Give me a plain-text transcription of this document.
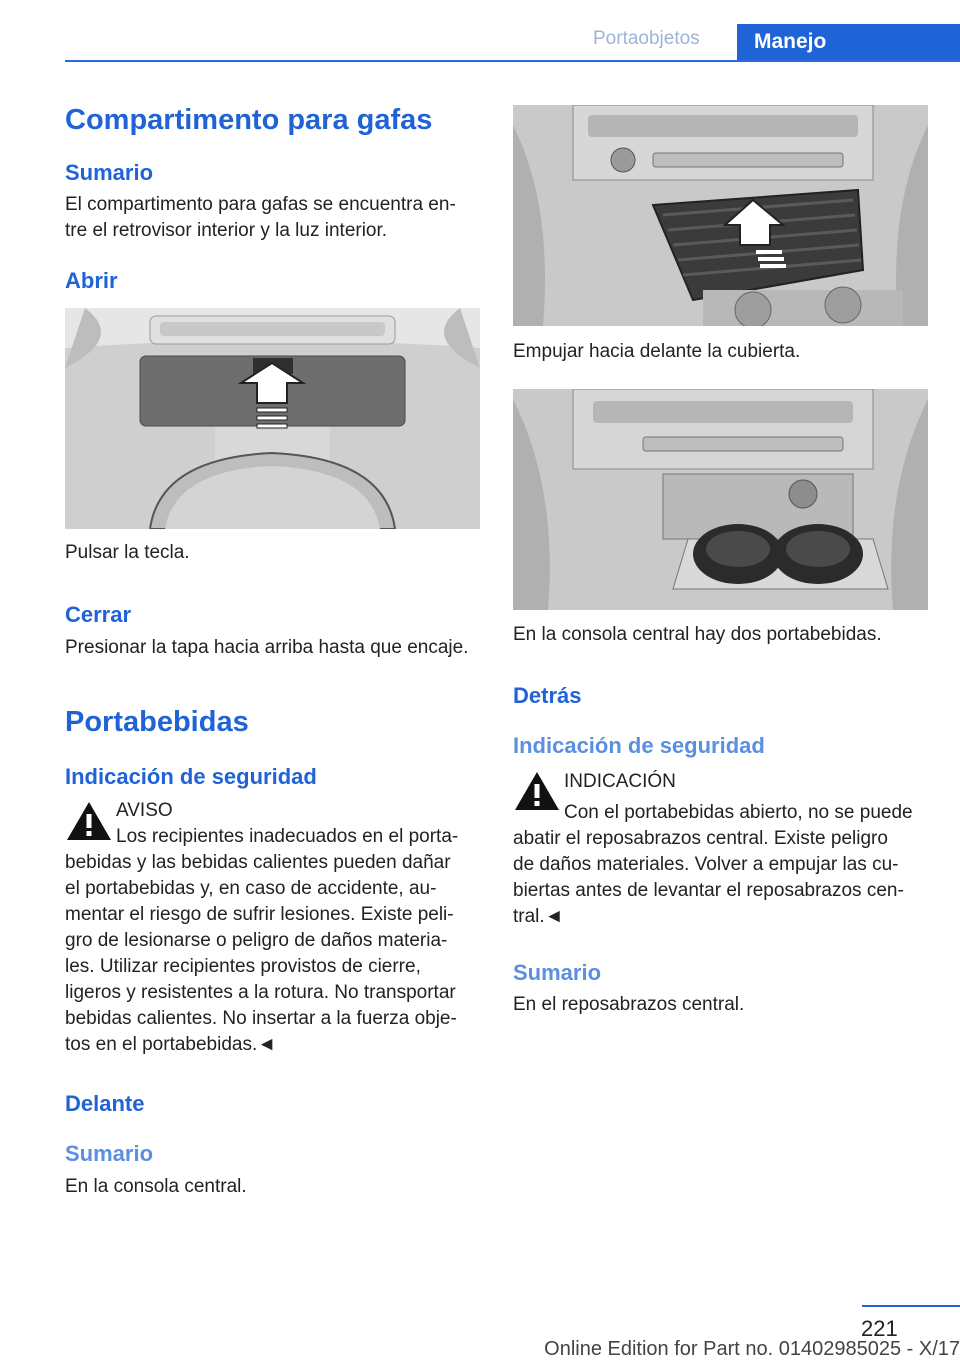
Portaobjetos	Manejo
Compartimento para gafas
Sumario
El compartimento para gafas se encuentra en‐
tre el retrovisor interior y la luz interior.
Abrir
Pulsar la tecla.
Cerrar
Presionar la tapa hacia arriba hasta que encaje.
Portabebidas
Indicación de seguridad
AVISO
Los recipientes inadecuados en el porta‐
bebidas y las bebidas calientes pueden dañar
el portabebidas y, en caso de accidente, au‐
mentar el riesgo de sufrir lesiones. Existe peli‐
gro de lesionarse o peligro de daños materia‐
les. Utilizar recipientes provistos de cierre,
ligeros y resistentes a la rotura. No transportar
bebidas calientes. No insertar a la fuerza obje‐
tos en el portabebidas.◄
Delante
Sumario
En la consola central.
Empujar hacia delante la cubierta.
En la consola central hay dos portabebidas.
Detrás
Indicación de seguridad
INDICACIÓN
Con el portabebidas abierto, no se puede
abatir el reposabrazos central. Existe peligro
de daños materiales. Volver a empujar las cu‐
biertas antes de levantar el reposabrazos cen‐
tral.◄
Sumario
En el reposabrazos central.
221
Online Edition for Part no. 01402985025 - X/17
